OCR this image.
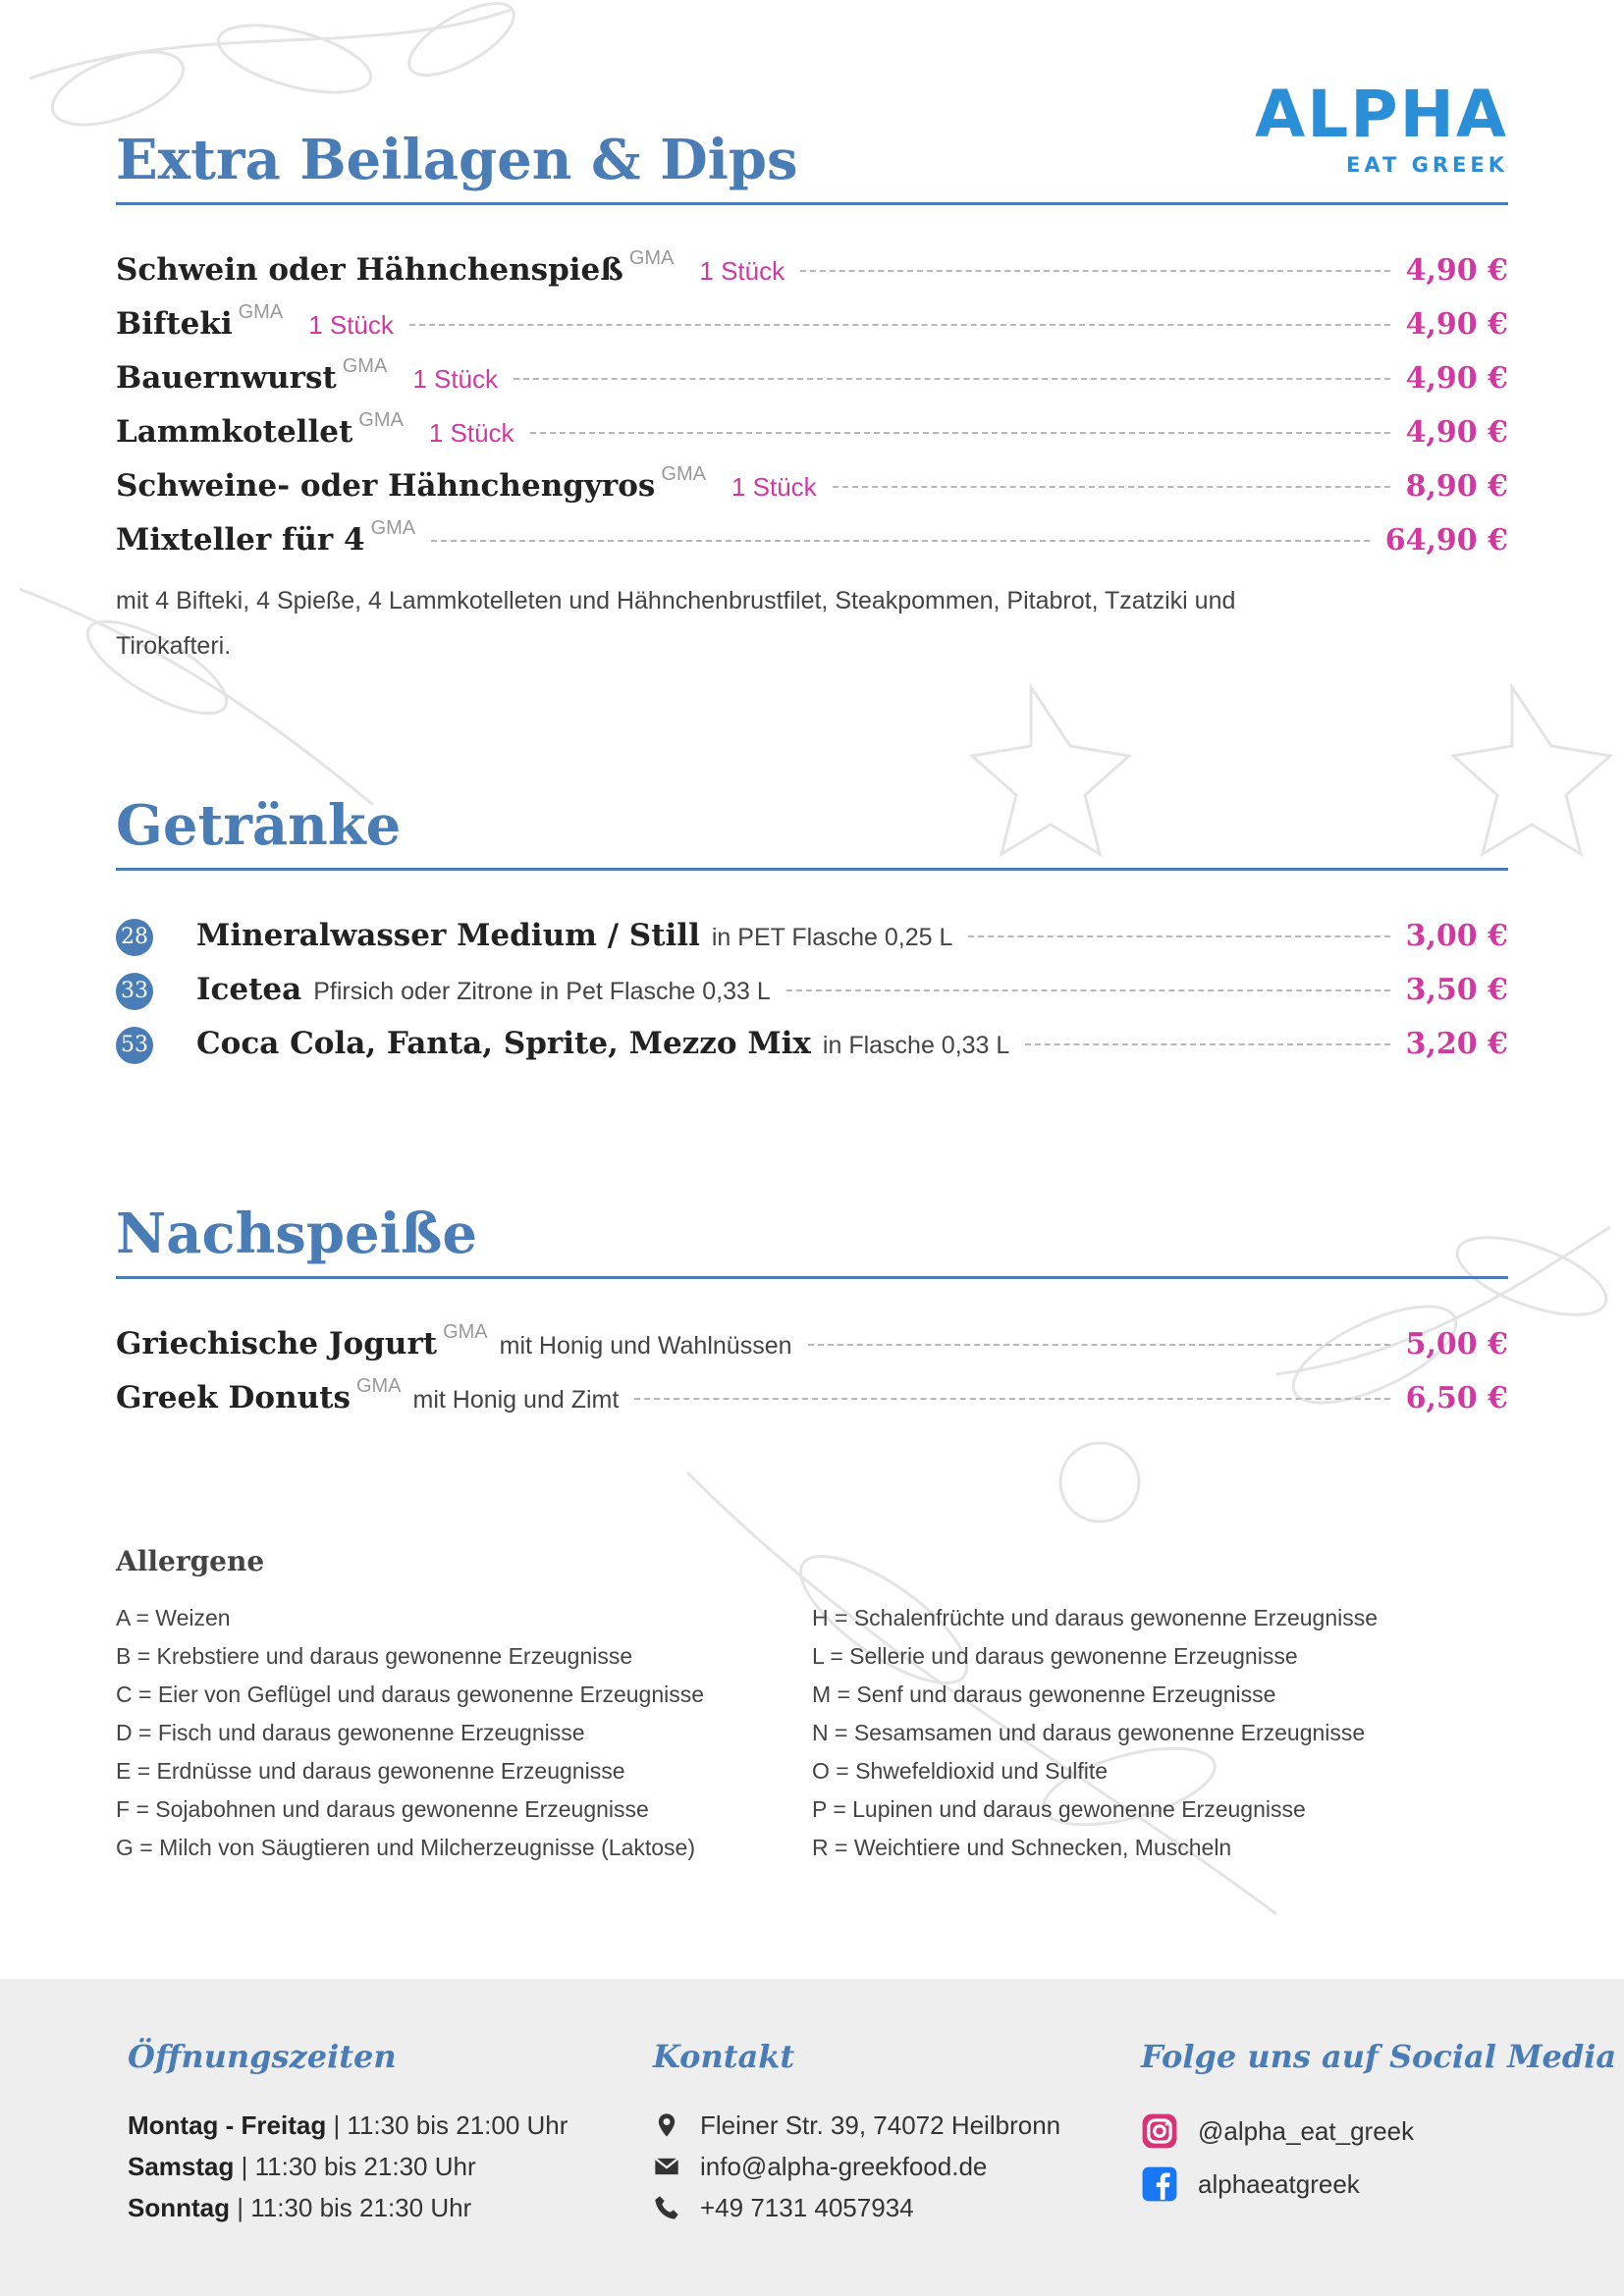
ALPHA
EAT GREEK
Extra Beilagen & Dips
Schwein oder Hähnchenspieß GMA 1 Stück	4,90 €
Bifteki GMA 1 Stück	4,90 €
Bauernwurst GMA 1 Stück	4,90 €
Lammkotellet GMA 1 Stück	4,90 €
Schweine- oder Hähnchengyros GMA 1 Stück	8,90 €
Mixteller für 4 GMA	64,90 €
mit 4 Bifteki, 4 Spieße, 4 Lammkotelleten und Hähnchenbrustfilet, Steakpommen, Pitabrot, Tzatziki und Tirokafteri.
Getränke
28 Mineralwasser Medium / Still in PET Flasche 0,25 L	3,00 €
33 Icetea Pfirsich oder Zitrone in Pet Flasche 0,33 L	3,50 €
53 Coca Cola, Fanta, Sprite, Mezzo Mix in Flasche 0,33 L	3,20 €
Nachspeiße
Griechische Jogurt GMA mit Honig und Wahlnüssen	5,00 €
Greek Donuts GMA mit Honig und Zimt	6,50 €
Allergene
A = Weizen
B = Krebstiere und daraus gewonenne Erzeugnisse
C = Eier von Geflügel und daraus gewonenne Erzeugnisse
D = Fisch und daraus gewonenne Erzeugnisse
E = Erdnüsse und daraus gewonenne Erzeugnisse
F = Sojabohnen und daraus gewonenne Erzeugnisse
G = Milch von Säugtieren und Milcherzeugnisse (Laktose)
H = Schalenfrüchte und daraus gewonenne Erzeugnisse
L = Sellerie und daraus gewonenne Erzeugnisse
M = Senf und daraus gewonenne Erzeugnisse
N = Sesamsamen und daraus gewonenne Erzeugnisse
O = Shwefeldioxid und Sulfite
P = Lupinen und daraus gewonenne Erzeugnisse
R = Weichtiere und Schnecken, Muscheln
Öffnungszeiten
Montag - Freitag | 11:30 bis 21:00 Uhr
Samstag | 11:30 bis 21:30 Uhr
Sonntag | 11:30 bis 21:30 Uhr
Kontakt
Fleiner Str. 39, 74072 Heilbronn
info@alpha-greekfood.de
+49 7131 4057934
Folge uns auf Social Media
@alpha_eat_greek
alphaeatgreek
